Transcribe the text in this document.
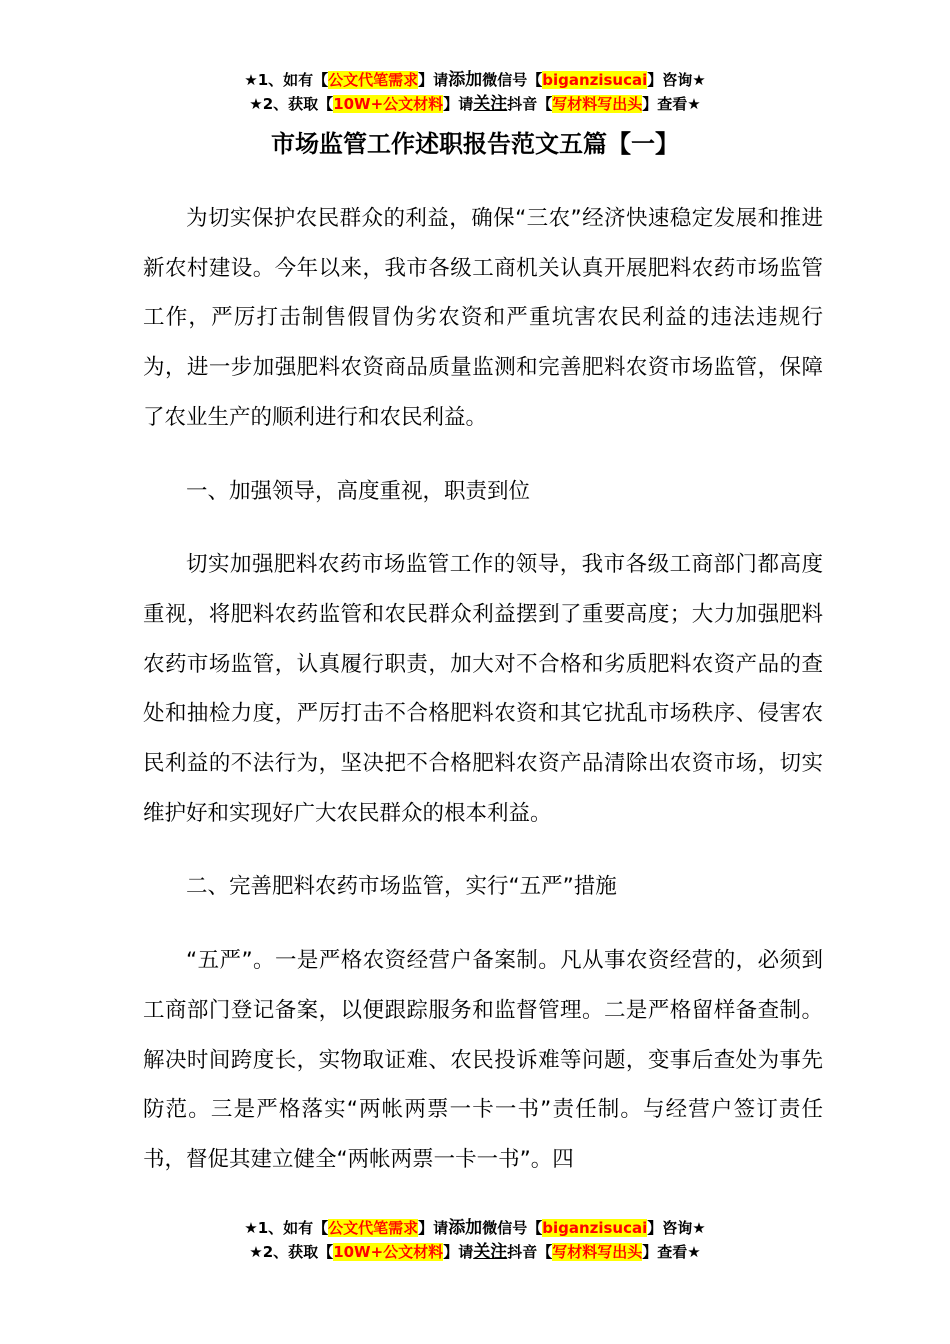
★1、如有【公文代笔需求】请添加微信号【biganzisucai】咨询★
★2、获取【10W+公文材料】请关注抖音【写材料写出头】查看★
市场监管工作述职报告范文五篇【一】

为切实保护农民群众的利益，确保“三农”经济快速稳定发展和推进新农村建设。今年以来，我市各级工商机关认真开展肥料农药市场监管工作，严厉打击制售假冒伪劣农资和严重坑害农民利益的违法违规行为，进一步加强肥料农资商品质量监测和完善肥料农资市场监管，保障了农业生产的顺利进行和农民利益。

一、加强领导，高度重视，职责到位

切实加强肥料农药市场监管工作的领导，我市各级工商部门都高度重视，将肥料农药监管和农民群众利益摆到了重要高度；大力加强肥料农药市场监管，认真履行职责，加大对不合格和劣质肥料农资产品的查处和抽检力度，严厉打击不合格肥料农资和其它扰乱市场秩序、侵害农民利益的不法行为，坚决把不合格肥料农资产品清除出农资市场，切实维护好和实现好广大农民群众的根本利益。

二、完善肥料农药市场监管，实行“五严”措施

“五严”。一是严格农资经营户备案制。凡从事农资经营的，必须到工商部门登记备案，以便跟踪服务和监督管理。二是严格留样备查制。解决时间跨度长，实物取证难、农民投诉难等问题，变事后查处为事先防范。三是严格落实“两帐两票一卡一书”责任制。与经营户签订责任书，督促其建立健全“两帐两票一卡一书”。四

★1、如有【公文代笔需求】请添加微信号【biganzisucai】咨询★
★2、获取【10W+公文材料】请关注抖音【写材料写出头】查看★
